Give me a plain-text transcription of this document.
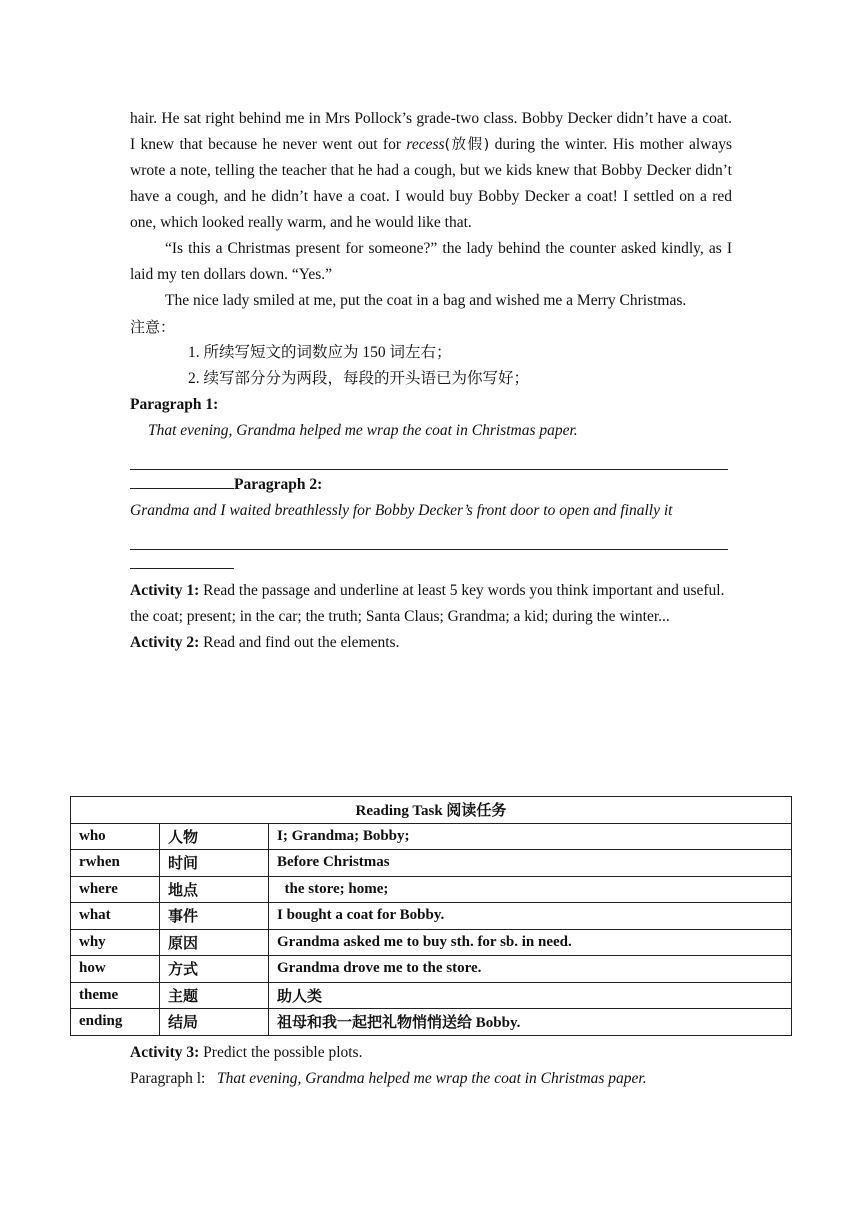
hair. He sat right behind me in Mrs Pollock’s grade-two class. Bobby Decker didn’t have a coat. I knew that because he never went out for recess(放假) during the winter. His mother always wrote a note, telling the teacher that he had a cough, but we kids knew that Bobby Decker didn’t have a cough, and he didn’t have a coat. I would buy Bobby Decker a coat! I settled on a red one, which looked really warm, and he would like that.

“Is this a Christmas present for someone?” the lady behind the counter asked kindly, as I laid my ten dollars down. “Yes.”

The nice lady smiled at me, put the coat in a bag and wished me a Merry Christmas.

注意：
1. 所续写短文的词数应为 150 词左右；
2. 续写部分分为两段，每段的开头语已为你写好；
Paragraph 1:
That evening, Grandma helped me wrap the coat in Christmas paper.
Paragraph 2:

Grandma and I waited breathlessly for Bobby Decker’s front door to open and finally it

Activity 1: Read the passage and underline at least 5 key words you think important and useful.

the coat; present; in the car; the truth; Santa Claus; Grandma; a kid; during the winter...

Activity 2: Read and find out the elements.

Reading Task 阅读任务		
who	人物	I; Grandma; Bobby;
rwhen	时间	Before Christmas
where	地点	the store; home;
what	事件	I bought a coat for Bobby.
why	原因	Grandma asked me to buy sth. for sb. in need.
how	方式	Grandma drove me to the store.
theme	主题	助人类
ending	结局	祖母和我一起把礼物悄悄送给 Bobby.
Activity 3: Predict the possible plots.
Paragraph l:   That evening, Grandma helped me wrap the coat in Christmas paper.
